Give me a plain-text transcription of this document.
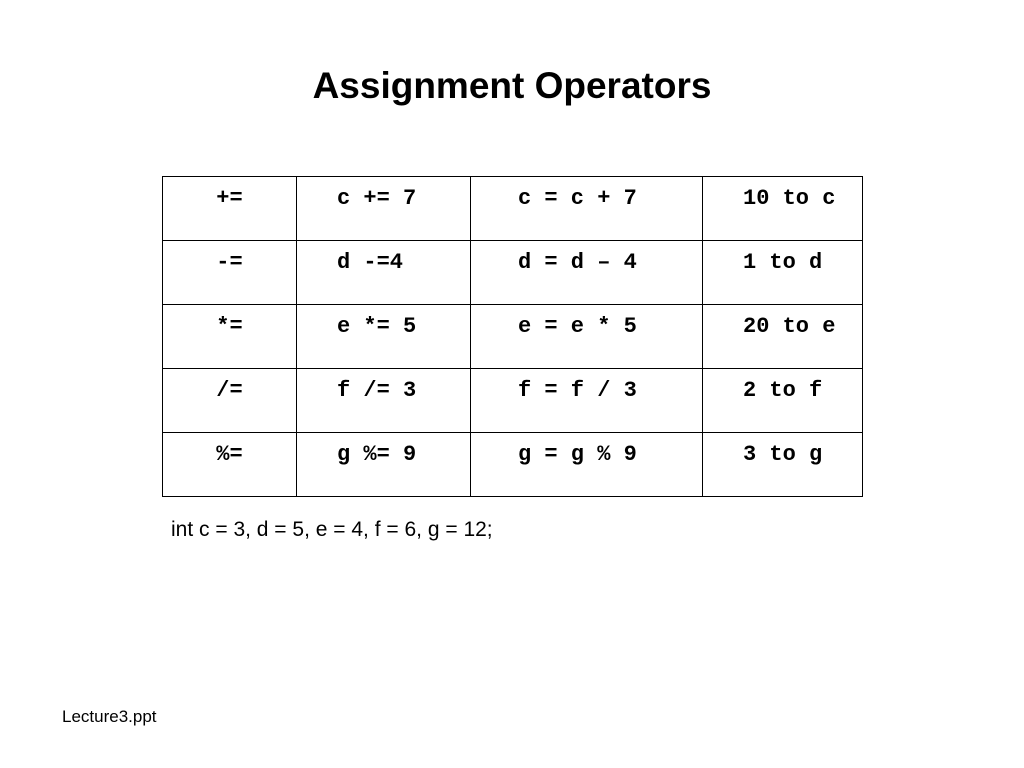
Assignment Operators
+=	c += 7	c = c + 7	10 to c

-=	d -=4	d = d – 4	1 to d

*=	e *= 5	e = e * 5	20 to e

/=	f /= 3	f = f / 3	2 to f

%=	g %= 9	g = g % 9	3 to g
int c = 3, d = 5, e = 4, f = 6, g = 12;
Lecture3.ppt
